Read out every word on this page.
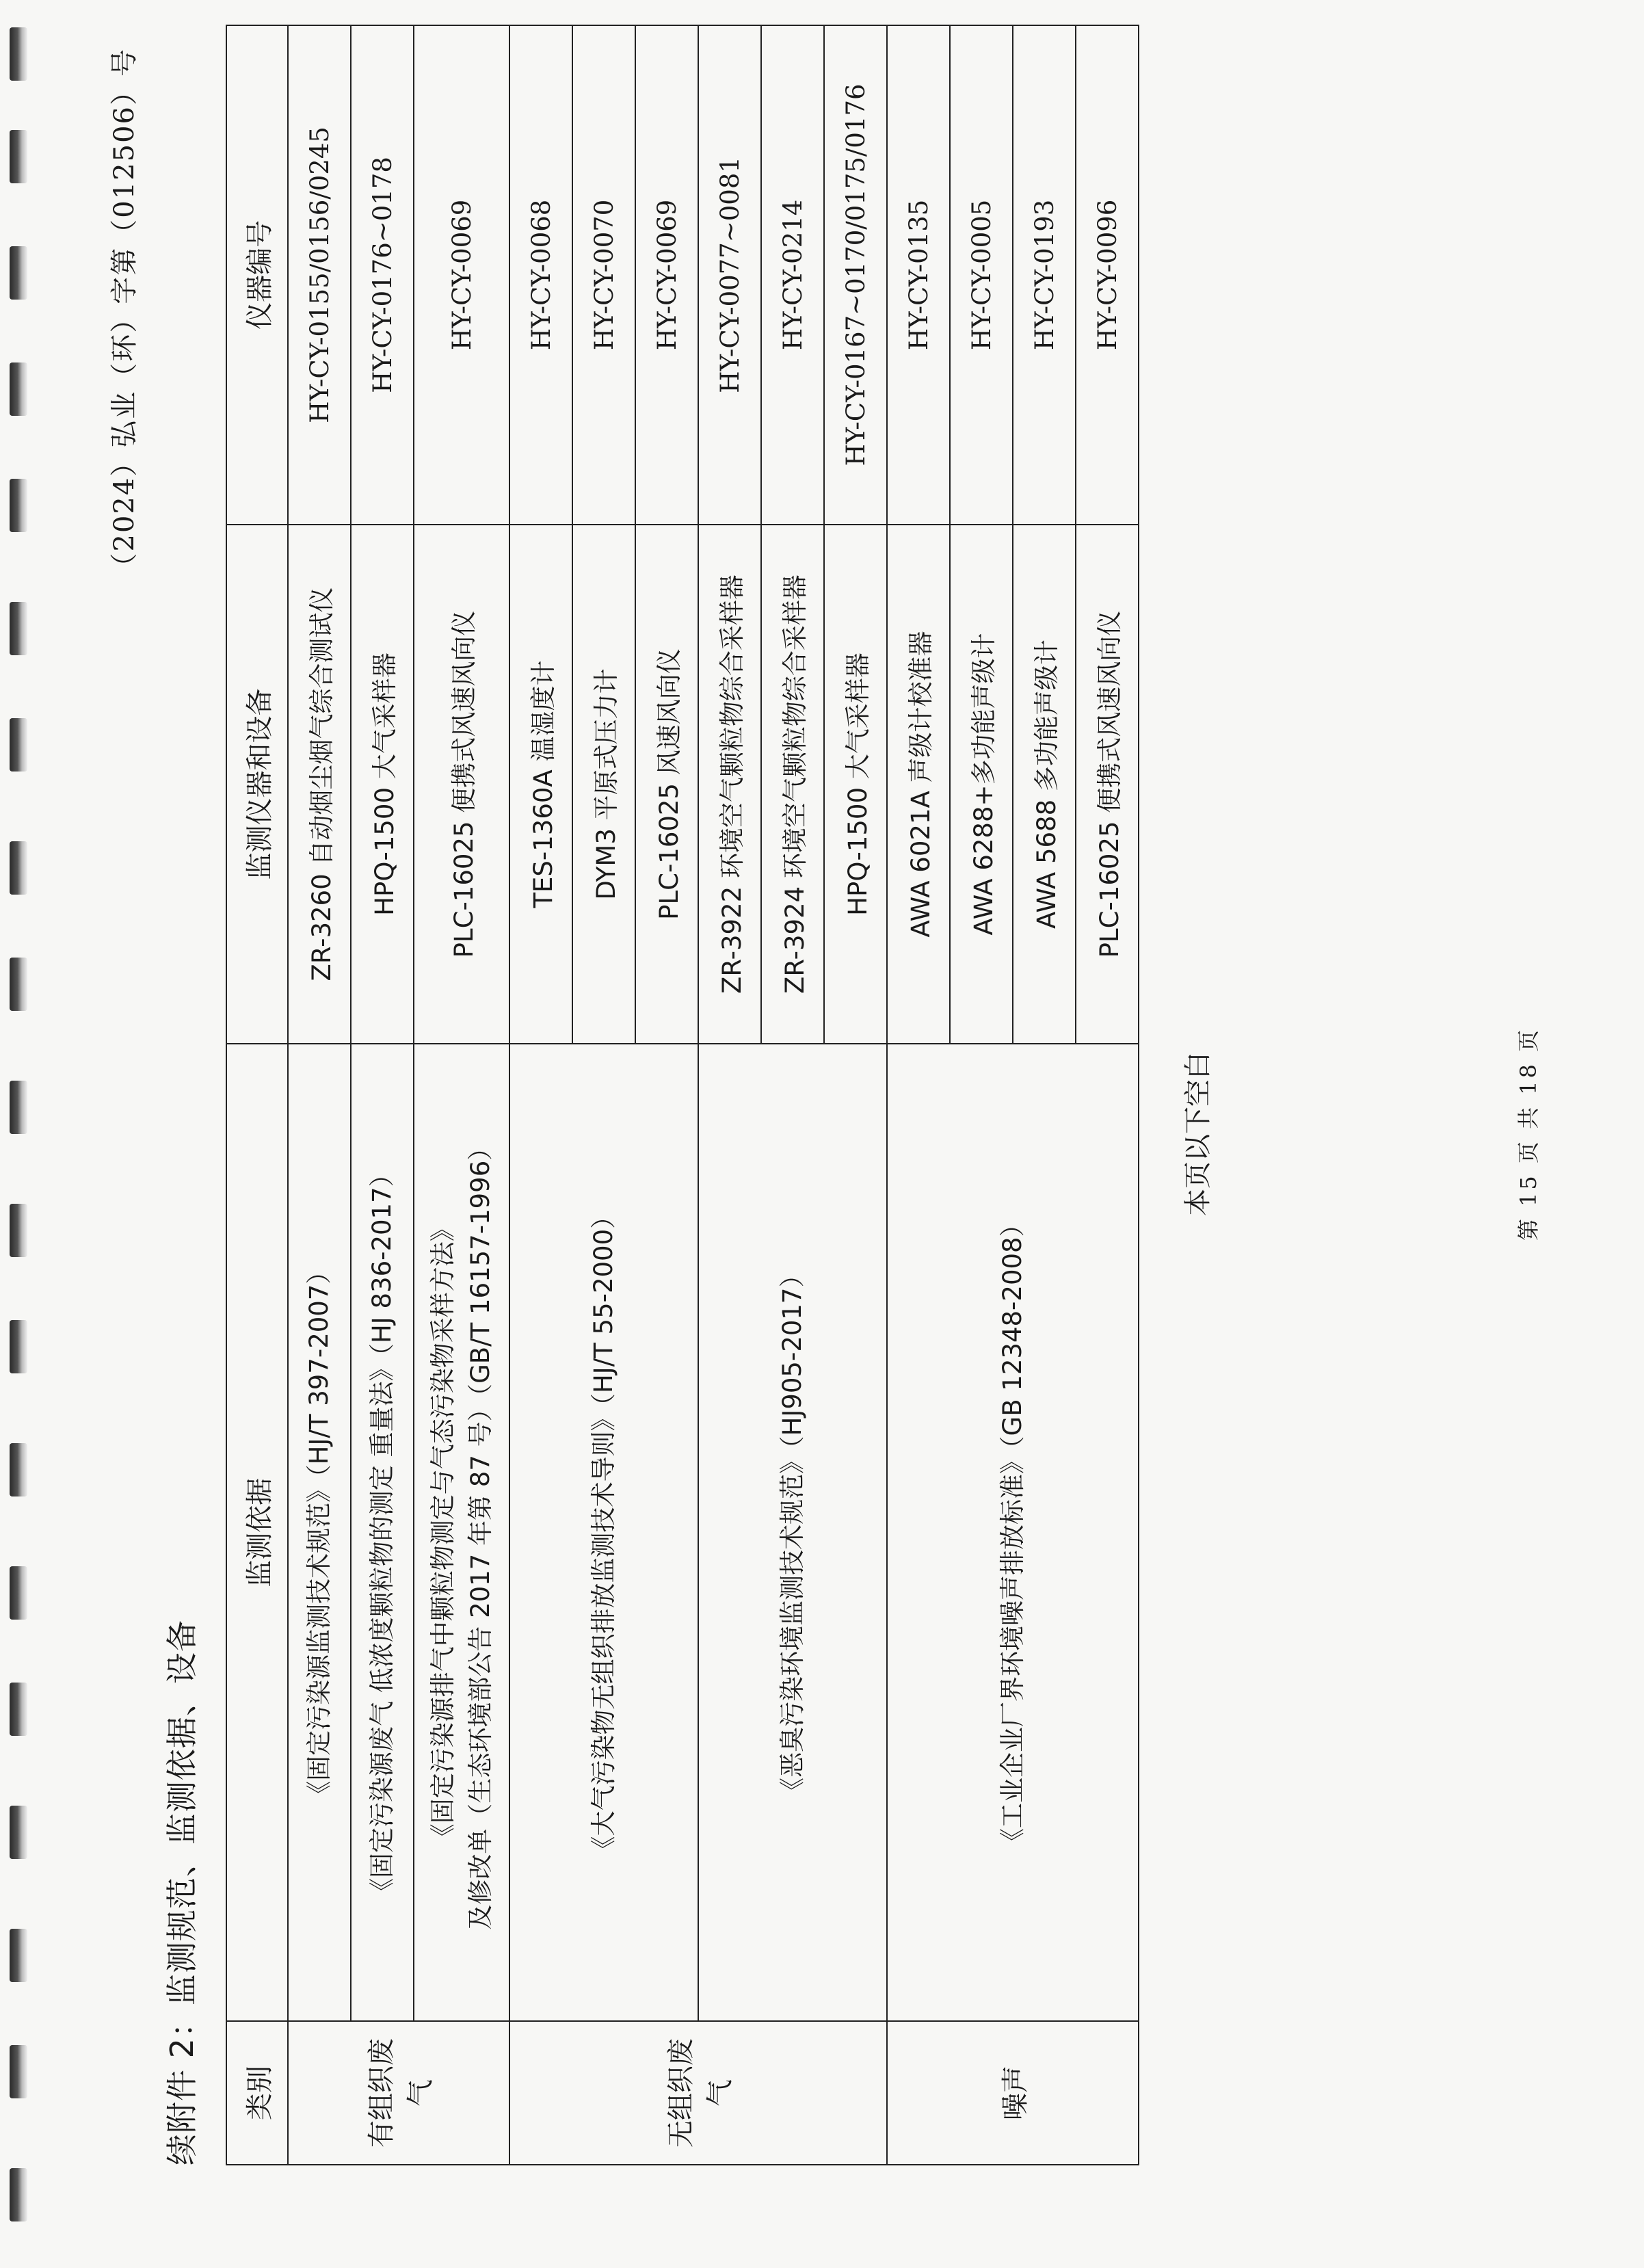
（2024）弘业（环）字第（012506）号
续附件 2：监测规范、监测依据、设备 类别	监测依据	监测仪器和设备	仪器编号
有组织废气	《固定污染源监测技术规范》（HJ/T 397-2007）	ZR-3260 自动烟尘烟气综合测试仪	HY-CY-0155/0156/0245
	《固定污染源废气 低浓度颗粒物的测定 重量法》（HJ 836-2017）	HPQ-1500 大气采样器	HY-CY-0176~0178

	《固定污染源排气中颗粒物测定与气态污染物采样方法》 及修改单（生态环境部公告 2017 年第 87 号）（GB/T 16157-1996）	PLC-16025 便携式风速风向仪	HY-CY-0069
无组织废气	《大气污染物无组织排放监测技术导则》（HJ/T 55-2000）	TES-1360A 温湿度计	HY-CY-0068
		DYM3 平原式压力计	HY-CY-0070
		PLC-16025 风速风向仪	HY-CY-0069
	《恶臭污染环境监测技术规范》（HJ905-2017）	ZR-3922 环境空气颗粒物综合采样器	HY-CY-0077~0081
		ZR-3924 环境空气颗粒物综合采样器	HY-CY-0214
		HPQ-1500 大气采样器	HY-CY-0167~0170/0175/0176
噪声	《工业企业厂界环境噪声排放标准》（GB 12348-2008）	AWA 6021A 声级计校准器	HY-CY-0135
		AWA 6288+多功能声级计	HY-CY-0005
		AWA 5688 多功能声级计	HY-CY-0193
		PLC-16025 便携式风速风向仪	HY-CY-0096
本页以下空白	第 15 页 共 18 页
